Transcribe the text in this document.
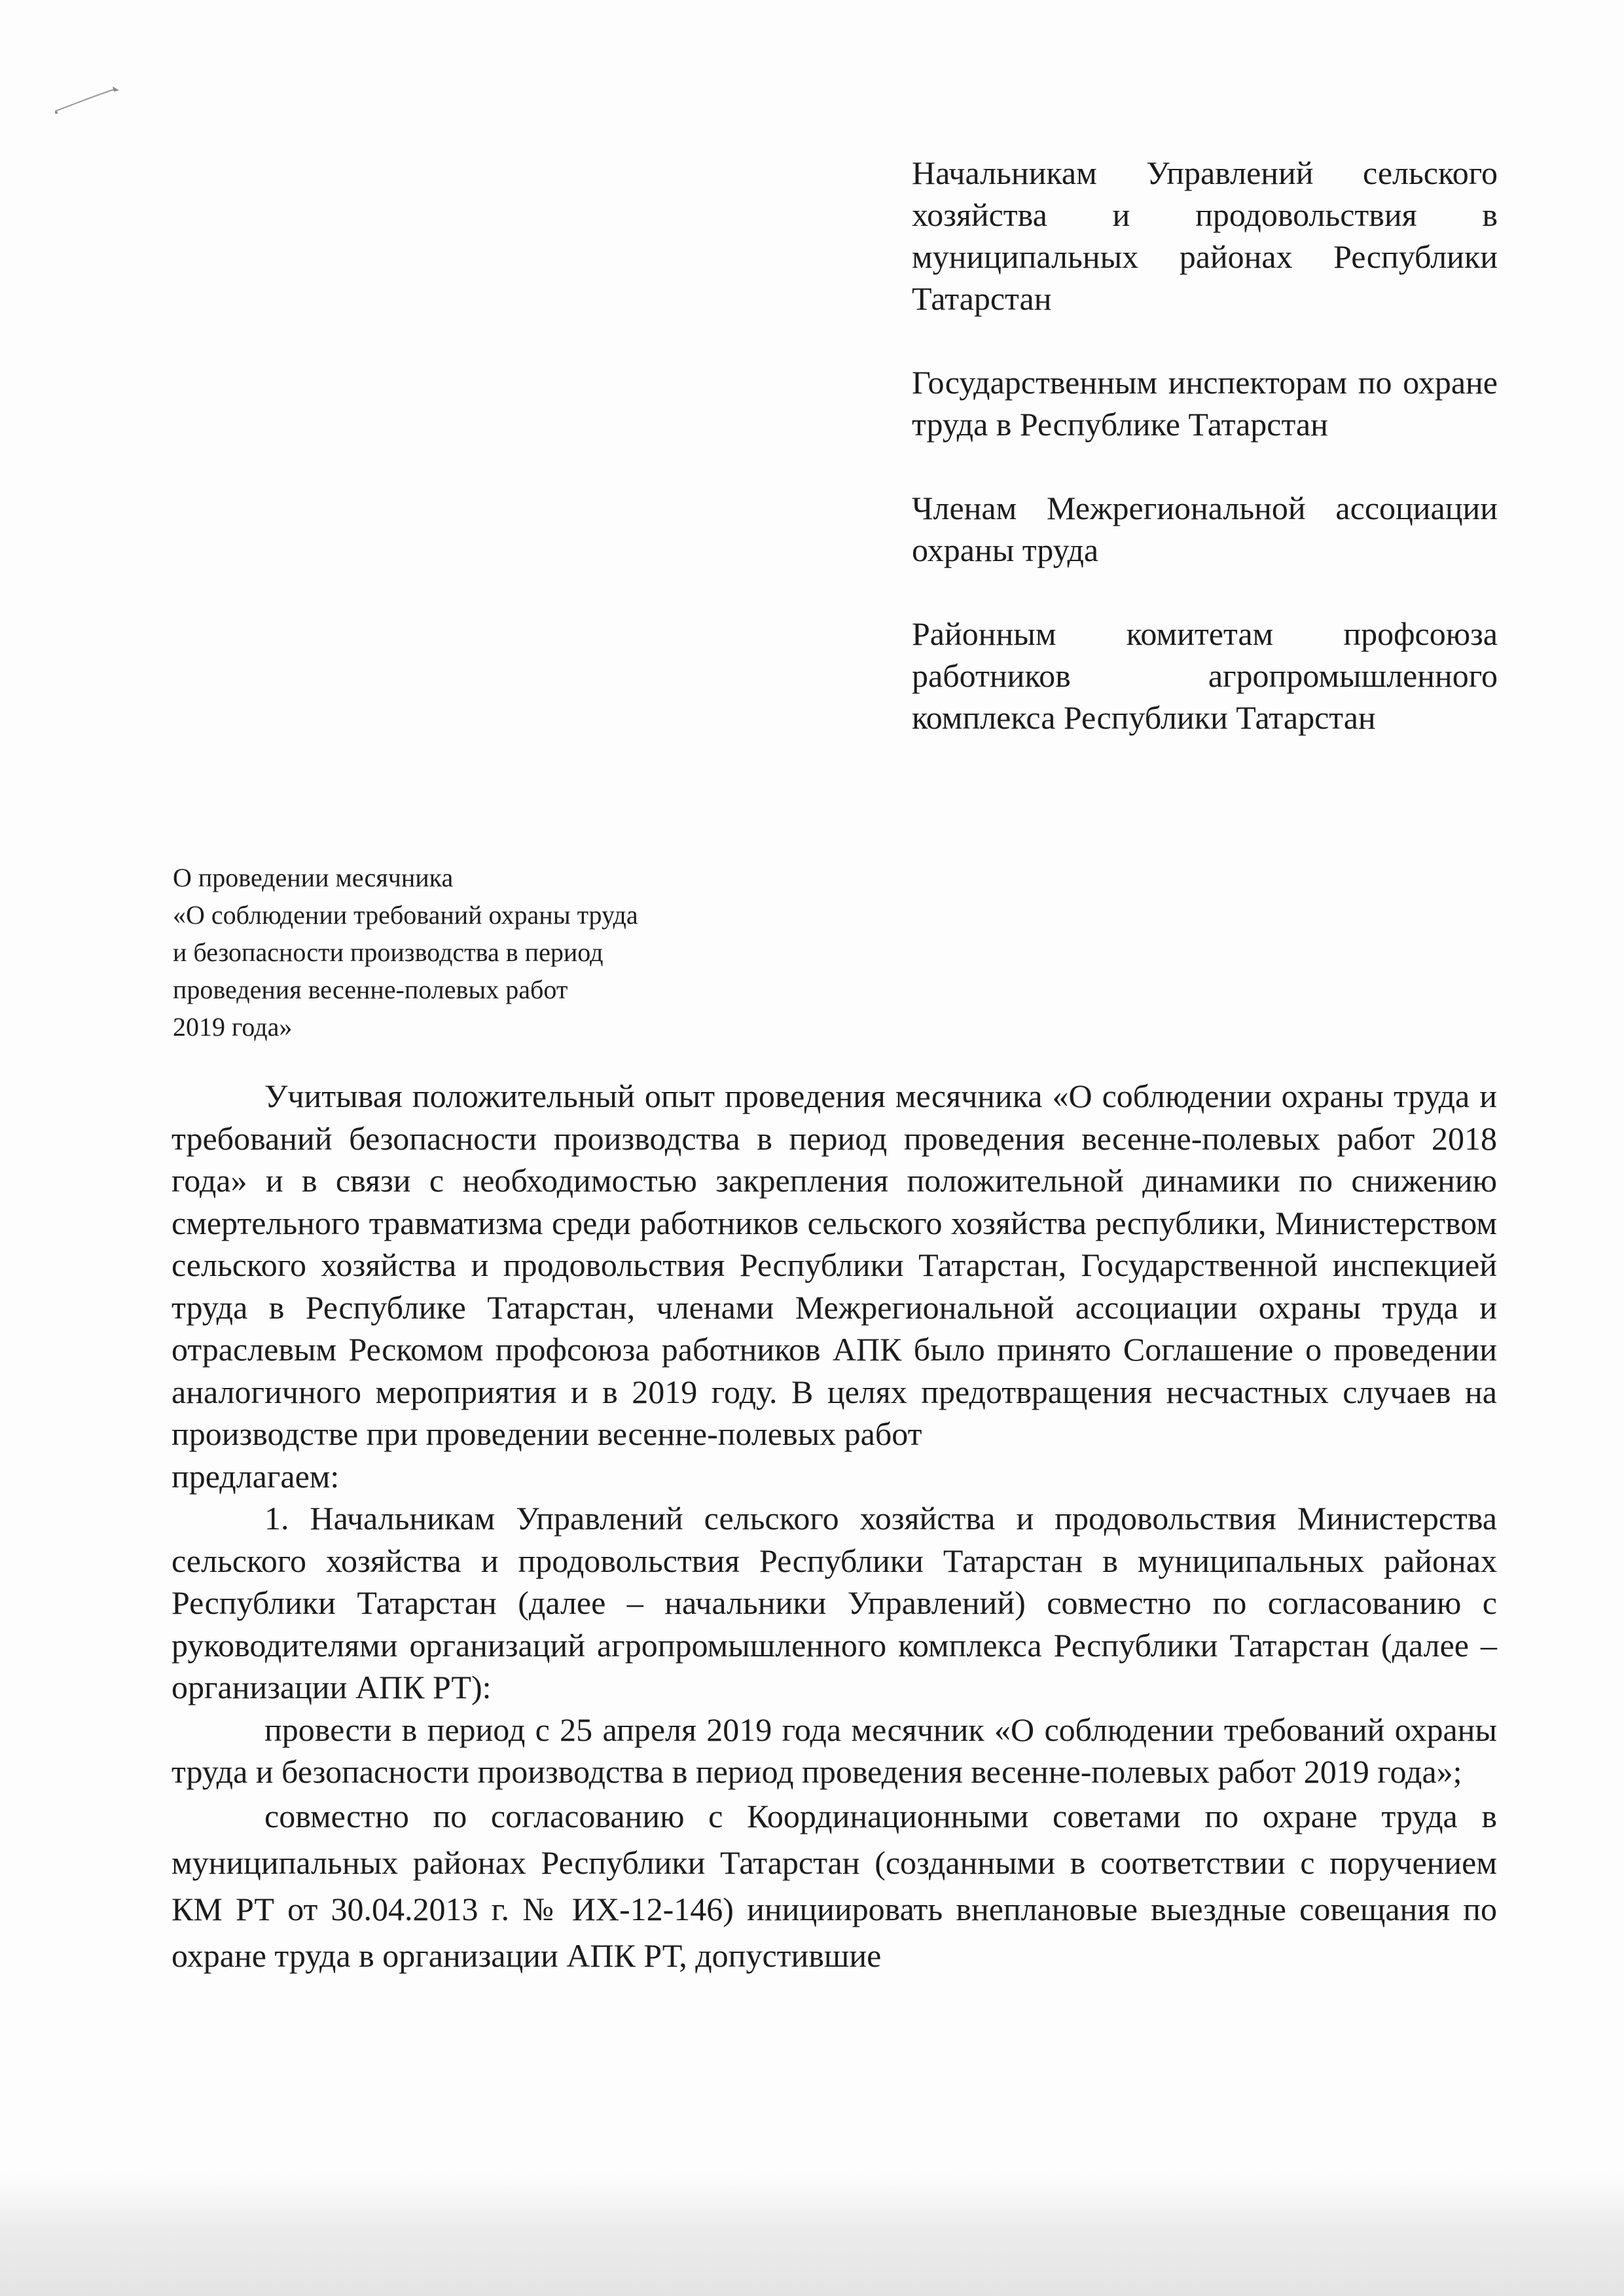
Начальникам Управлений сельского хозяйства и продовольствия в муниципальных районах Республики Татарстан
Государственным инспекторам по охране труда в Республике Татарстан
Членам Межрегиональной ассоциации охраны труда
Районным комитетам профсоюза работников агропромышленного комплекса Республики Татарстан
О проведении месячника
«О соблюдении требований охраны труда
и безопасности производства в период
проведения весенне-полевых работ
2019 года»

Учитывая положительный опыт проведения месячника «О соблюдении охраны труда и требований безопасности производства в период проведения весенне-полевых работ 2018 года» и в связи с необходимостью закрепления положительной динамики по снижению смертельного травматизма среди работников сельского хозяйства республики, Министерством сельского хозяйства и продовольствия Республики Татарстан, Государственной инспекцией труда в Республике Татарстан, членами Межрегиональной ассоциации охраны труда и отраслевым Рескомом профсоюза работников АПК было принято Соглашение о проведении аналогичного мероприятия и в 2019 году. В целях предотвращения несчастных случаев на производстве при проведении весенне-полевых работ

предлагаем:

1. Начальникам Управлений сельского хозяйства и продовольствия Министерства сельского хозяйства и продовольствия Республики Татарстан в муниципальных районах Республики Татарстан (далее – начальники Управлений) совместно по согласованию с руководителями организаций агропромышленного комплекса Республики Татарстан (далее – организации АПК РТ):

провести в период с 25 апреля 2019 года месячник «О соблюдении требований охраны труда и безопасности производства в период проведения весенне-полевых работ 2019 года»;

совместно по согласованию с Координационными советами по охране труда в муниципальных районах Республики Татарстан (созданными в соответствии с поручением КМ РТ от 30.04.2013 г. № ИХ-12-146) инициировать внеплановые выездные совещания по охране труда в организации АПК РТ, допустившие
